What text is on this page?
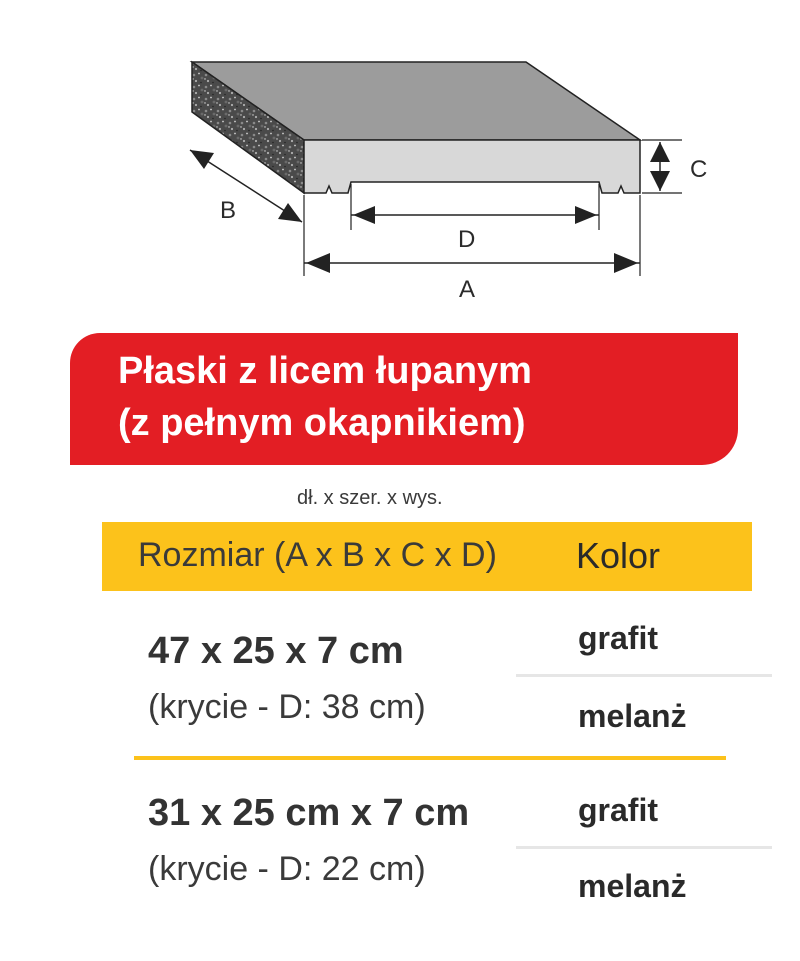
A
D
C
B
Płaski z licem łupanym
(z pełnym okapnikiem)
dł. x szer. x wys.
Rozmiar (A x B x C x D) Kolor

47 x 25 x 7 cm

(krycie - D: 38 cm)

grafit
melanż

31 x 25 cm x 7 cm

(krycie - D: 22 cm)

grafit
melanż
